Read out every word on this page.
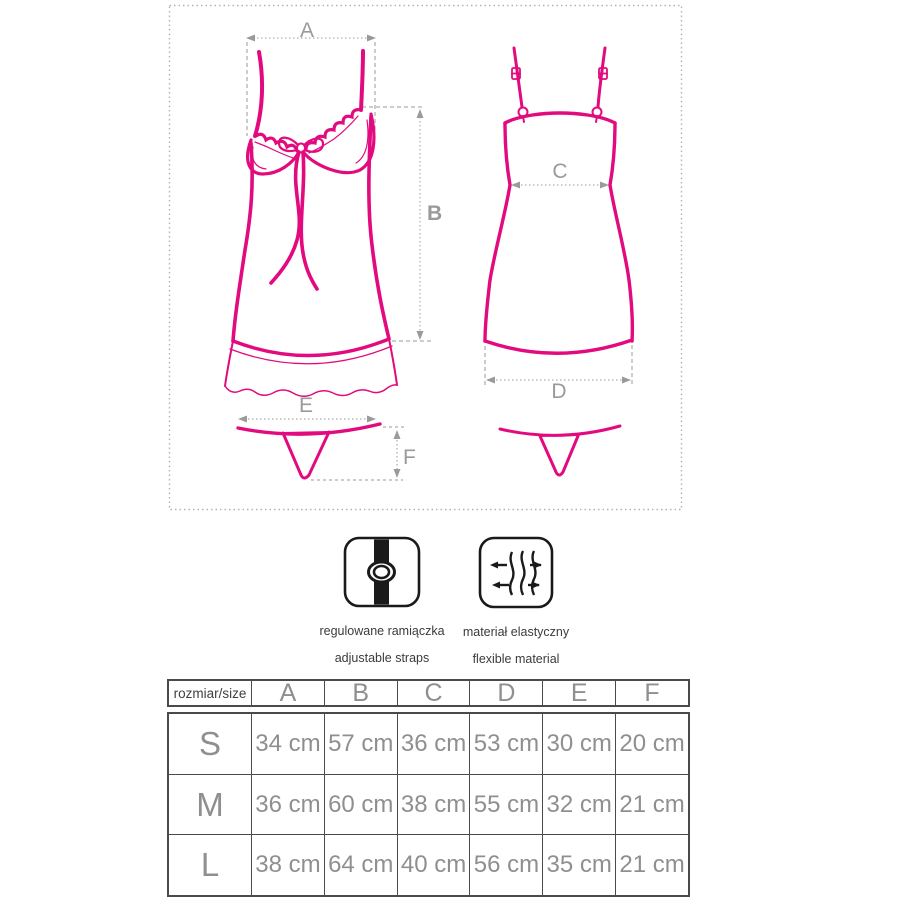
A
B
C
D
E
F

regulowane ramiączka

adjustable straps

materiał elastyczny

flexible material

rozmiar/size	A	B	C	D	E	F
S	34 cm 57 cm 36 cm 53 cm 30 cm 20 cm
M	36 cm 60 cm 38 cm 55 cm 32 cm 21 cm
L	38 cm 64 cm 40 cm 56 cm 35 cm 21 cm
